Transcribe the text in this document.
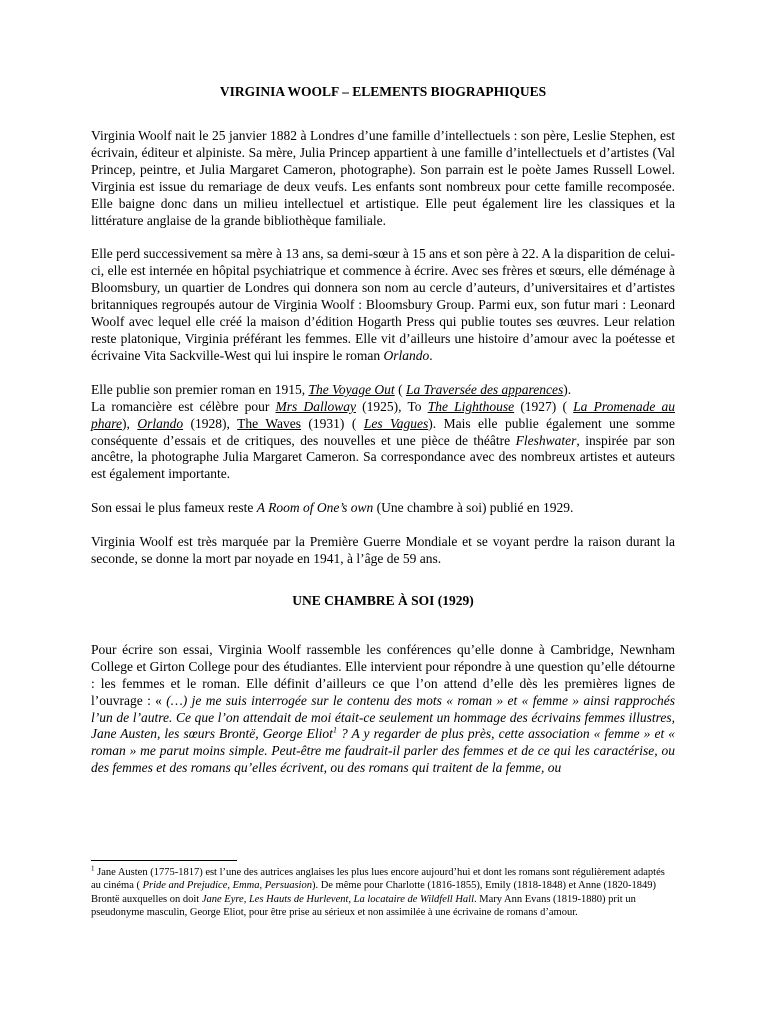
VIRGINIA WOOLF – ELEMENTS BIOGRAPHIQUES

Virginia Woolf nait le 25 janvier 1882 à Londres d’une famille d’intellectuels : son père, Leslie Stephen, est écrivain, éditeur et alpiniste. Sa mère, Julia Princep appartient à une famille d’intellectuels et d’artistes (Val Princep, peintre, et Julia Margaret Cameron, photographe). Son parrain est le poète James Russell Lowel. Virginia est issue du remariage de deux veufs. Les enfants sont nombreux pour cette famille recomposée. Elle baigne donc dans un milieu intellectuel et artistique. Elle peut également lire les classiques et la littérature anglaise de la grande bibliothèque familiale.

Elle perd successivement sa mère à 13 ans, sa demi-sœur à 15 ans et son père à 22. A la disparition de celui-ci, elle est internée en hôpital psychiatrique et commence à écrire. Avec ses frères et sœurs, elle déménage à Bloomsbury, un quartier de Londres qui donnera son nom au cercle d’auteurs, d’universitaires et d’artistes britanniques regroupés autour de Virginia Woolf : Bloomsbury Group. Parmi eux, son futur mari : Leonard Woolf avec lequel elle créé la maison d’édition Hogarth Press qui publie toutes ses œuvres. Leur relation reste platonique, Virginia préférant les femmes. Elle vit d’ailleurs une histoire d’amour avec la poétesse et écrivaine Vita Sackville-West qui lui inspire le roman Orlando.

Elle publie son premier roman en 1915, The Voyage Out ( La Traversée des apparences).

La romancière est célèbre pour Mrs Dalloway (1925), To The Lighthouse (1927) ( La Promenade au phare), Orlando (1928), The Waves (1931) ( Les Vagues). Mais elle publie également une somme conséquente d’essais et de critiques, des nouvelles et une pièce de théâtre Fleshwater, inspirée par son ancêtre, la photographe Julia Margaret Cameron. Sa correspondance avec des nombreux artistes et auteurs est également importante.

Son essai le plus fameux reste A Room of One’s own (Une chambre à soi) publié en 1929.

Virginia Woolf est très marquée par la Première Guerre Mondiale et se voyant perdre la raison durant la seconde, se donne la mort par noyade en 1941, à l’âge de 59 ans.

UNE CHAMBRE À SOI (1929)

Pour écrire son essai, Virginia Woolf rassemble les conférences qu’elle donne à Cambridge, Newnham College et Girton College pour des étudiantes. Elle intervient pour répondre à une question qu’elle détourne : les femmes et le roman. Elle définit d’ailleurs ce que l’on attend d’elle dès les premières lignes de l’ouvrage : « (…) je me suis interrogée sur le contenu des mots « roman » et « femme » ainsi rapprochés l’un de l’autre. Ce que l’on attendait de moi était-ce seulement un hommage des écrivains femmes illustres, Jane Austen, les sœurs Brontë, George Eliot$^1$ ? A y regarder de plus près, cette association « femme » et « roman » me parut moins simple. Peut-être me faudrait-il parler des femmes et de ce qui les caractérise, ou des femmes et des romans qu’elles écrivent, ou des romans qui traitent de la femme, ou

$^1$ Jane Austen (1775-1817) est l’une des autrices anglaises les plus lues encore aujourd’hui et dont les romans sont régulièrement adaptés au cinéma ( Pride and Prejudice, Emma, Persuasion). De même pour Charlotte (1816-1855), Emily (1818-1848) et Anne (1820-1849) Brontë auxquelles on doit Jane Eyre, Les Hauts de Hurlevent, La locataire de Wildfell Hall. Mary Ann Evans (1819-1880) prit un pseudonyme masculin, George Eliot, pour être prise au sérieux et non assimilée à une écrivaine de romans d’amour.
